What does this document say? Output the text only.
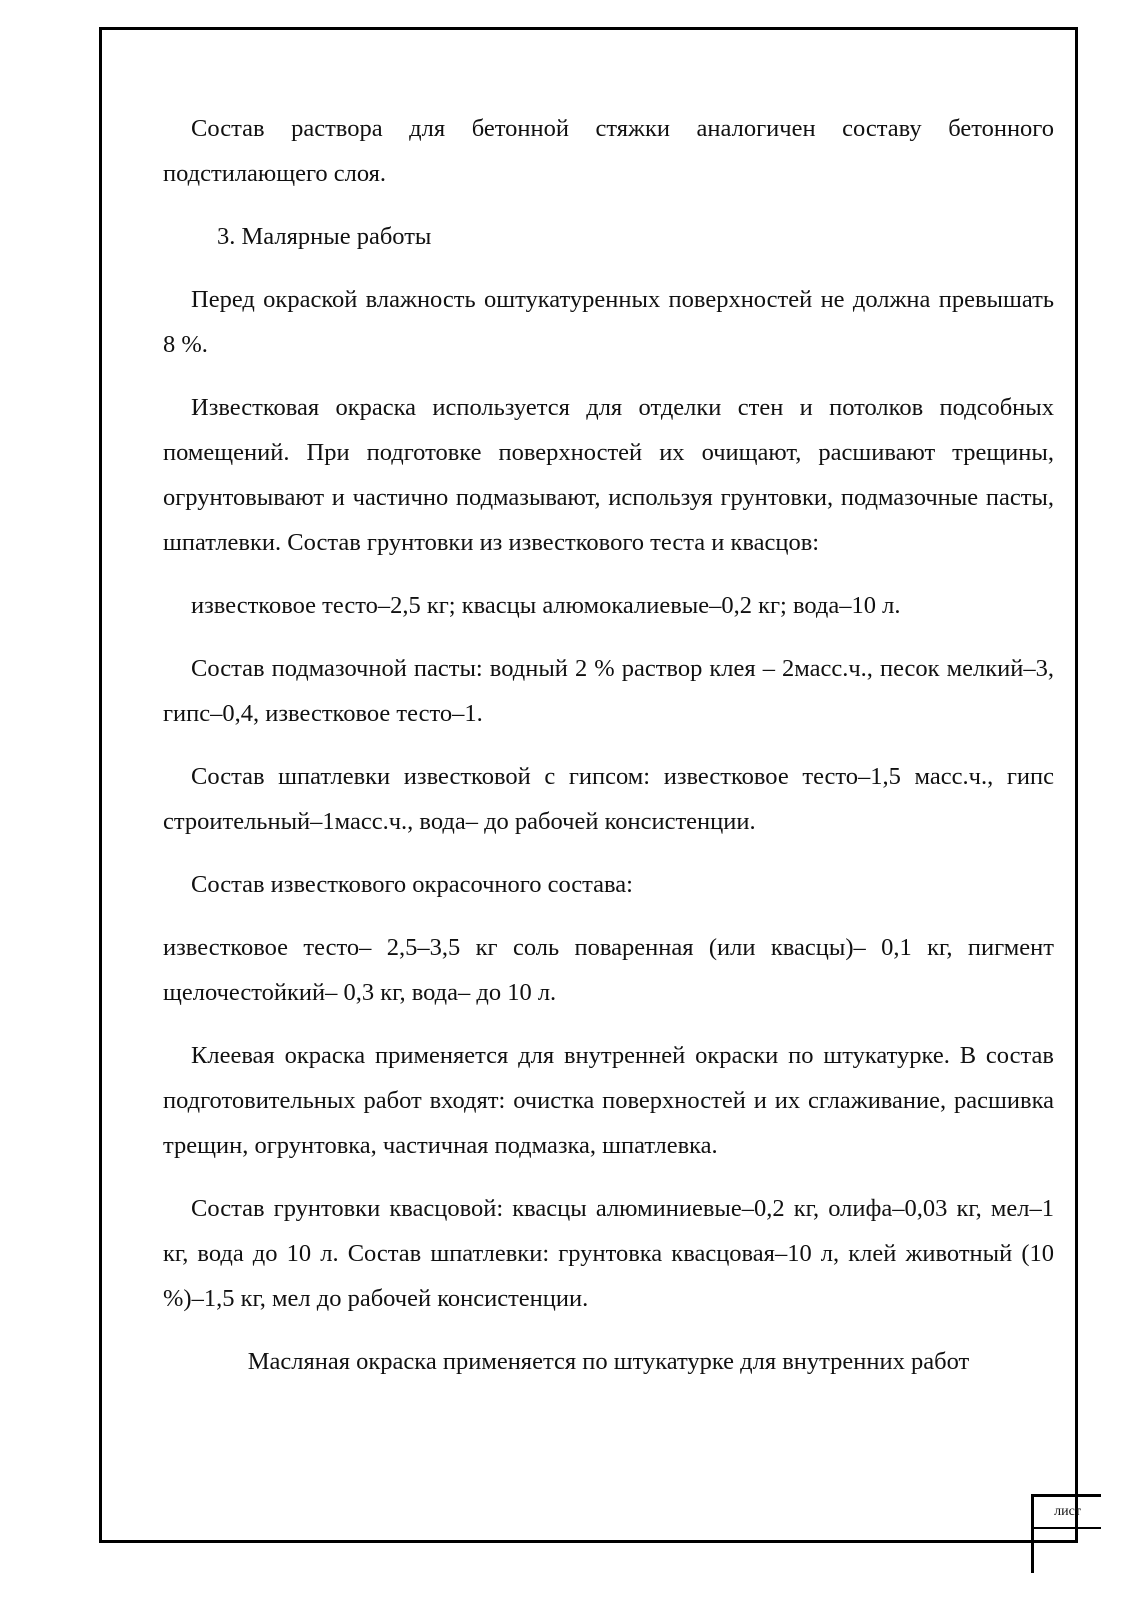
Состав раствора для бетонной стяжки аналогичен составу бетонного подстилающего слоя.

3. Малярные работы

Перед окраской влажность оштукатуренных поверхностей не должна превышать 8 %.

Известковая окраска используется для отделки стен и потолков подсобных помещений. При подготовке поверхностей их очищают, расшивают трещины, огрунтовывают и частично подмазывают, используя грунтовки, подмазочные пасты, шпатлевки. Состав грунтовки из известкового теста и квасцов:

известковое тесто–2,5 кг; квасцы алюмокалиевые–0,2 кг; вода–10 л.

Состав подмазочной пасты: водный 2 % раствор клея – 2масс.ч., песок мелкий–3, гипс–0,4, известковое тесто–1.

Состав шпатлевки известковой с гипсом: известковое тесто–1,5 масс.ч., гипс строительный–1масс.ч., вода– до рабочей консистенции.

Состав известкового окрасочного состава:

известковое тесто– 2,5–3,5 кг соль поваренная (или квасцы)– 0,1 кг, пигмент щелочестойкий– 0,3 кг, вода– до 10 л.

Клеевая окраска применяется для внутренней окраски по штукатурке. В состав подготовительных работ входят: очистка поверхностей и их сглаживание, расшивка трещин, огрунтовка, частичная подмазка, шпатлевка.

Состав грунтовки квасцовой: квасцы алюминиевые–0,2 кг, олифа–0,03 кг, мел–1 кг, вода до 10 л. Состав шпатлевки: грунтовка квасцовая–10 л, клей животный (10 %)–1,5 кг, мел до рабочей консистенции.

Масляная окраска применяется по штукатурке для внутренних работ

лист
